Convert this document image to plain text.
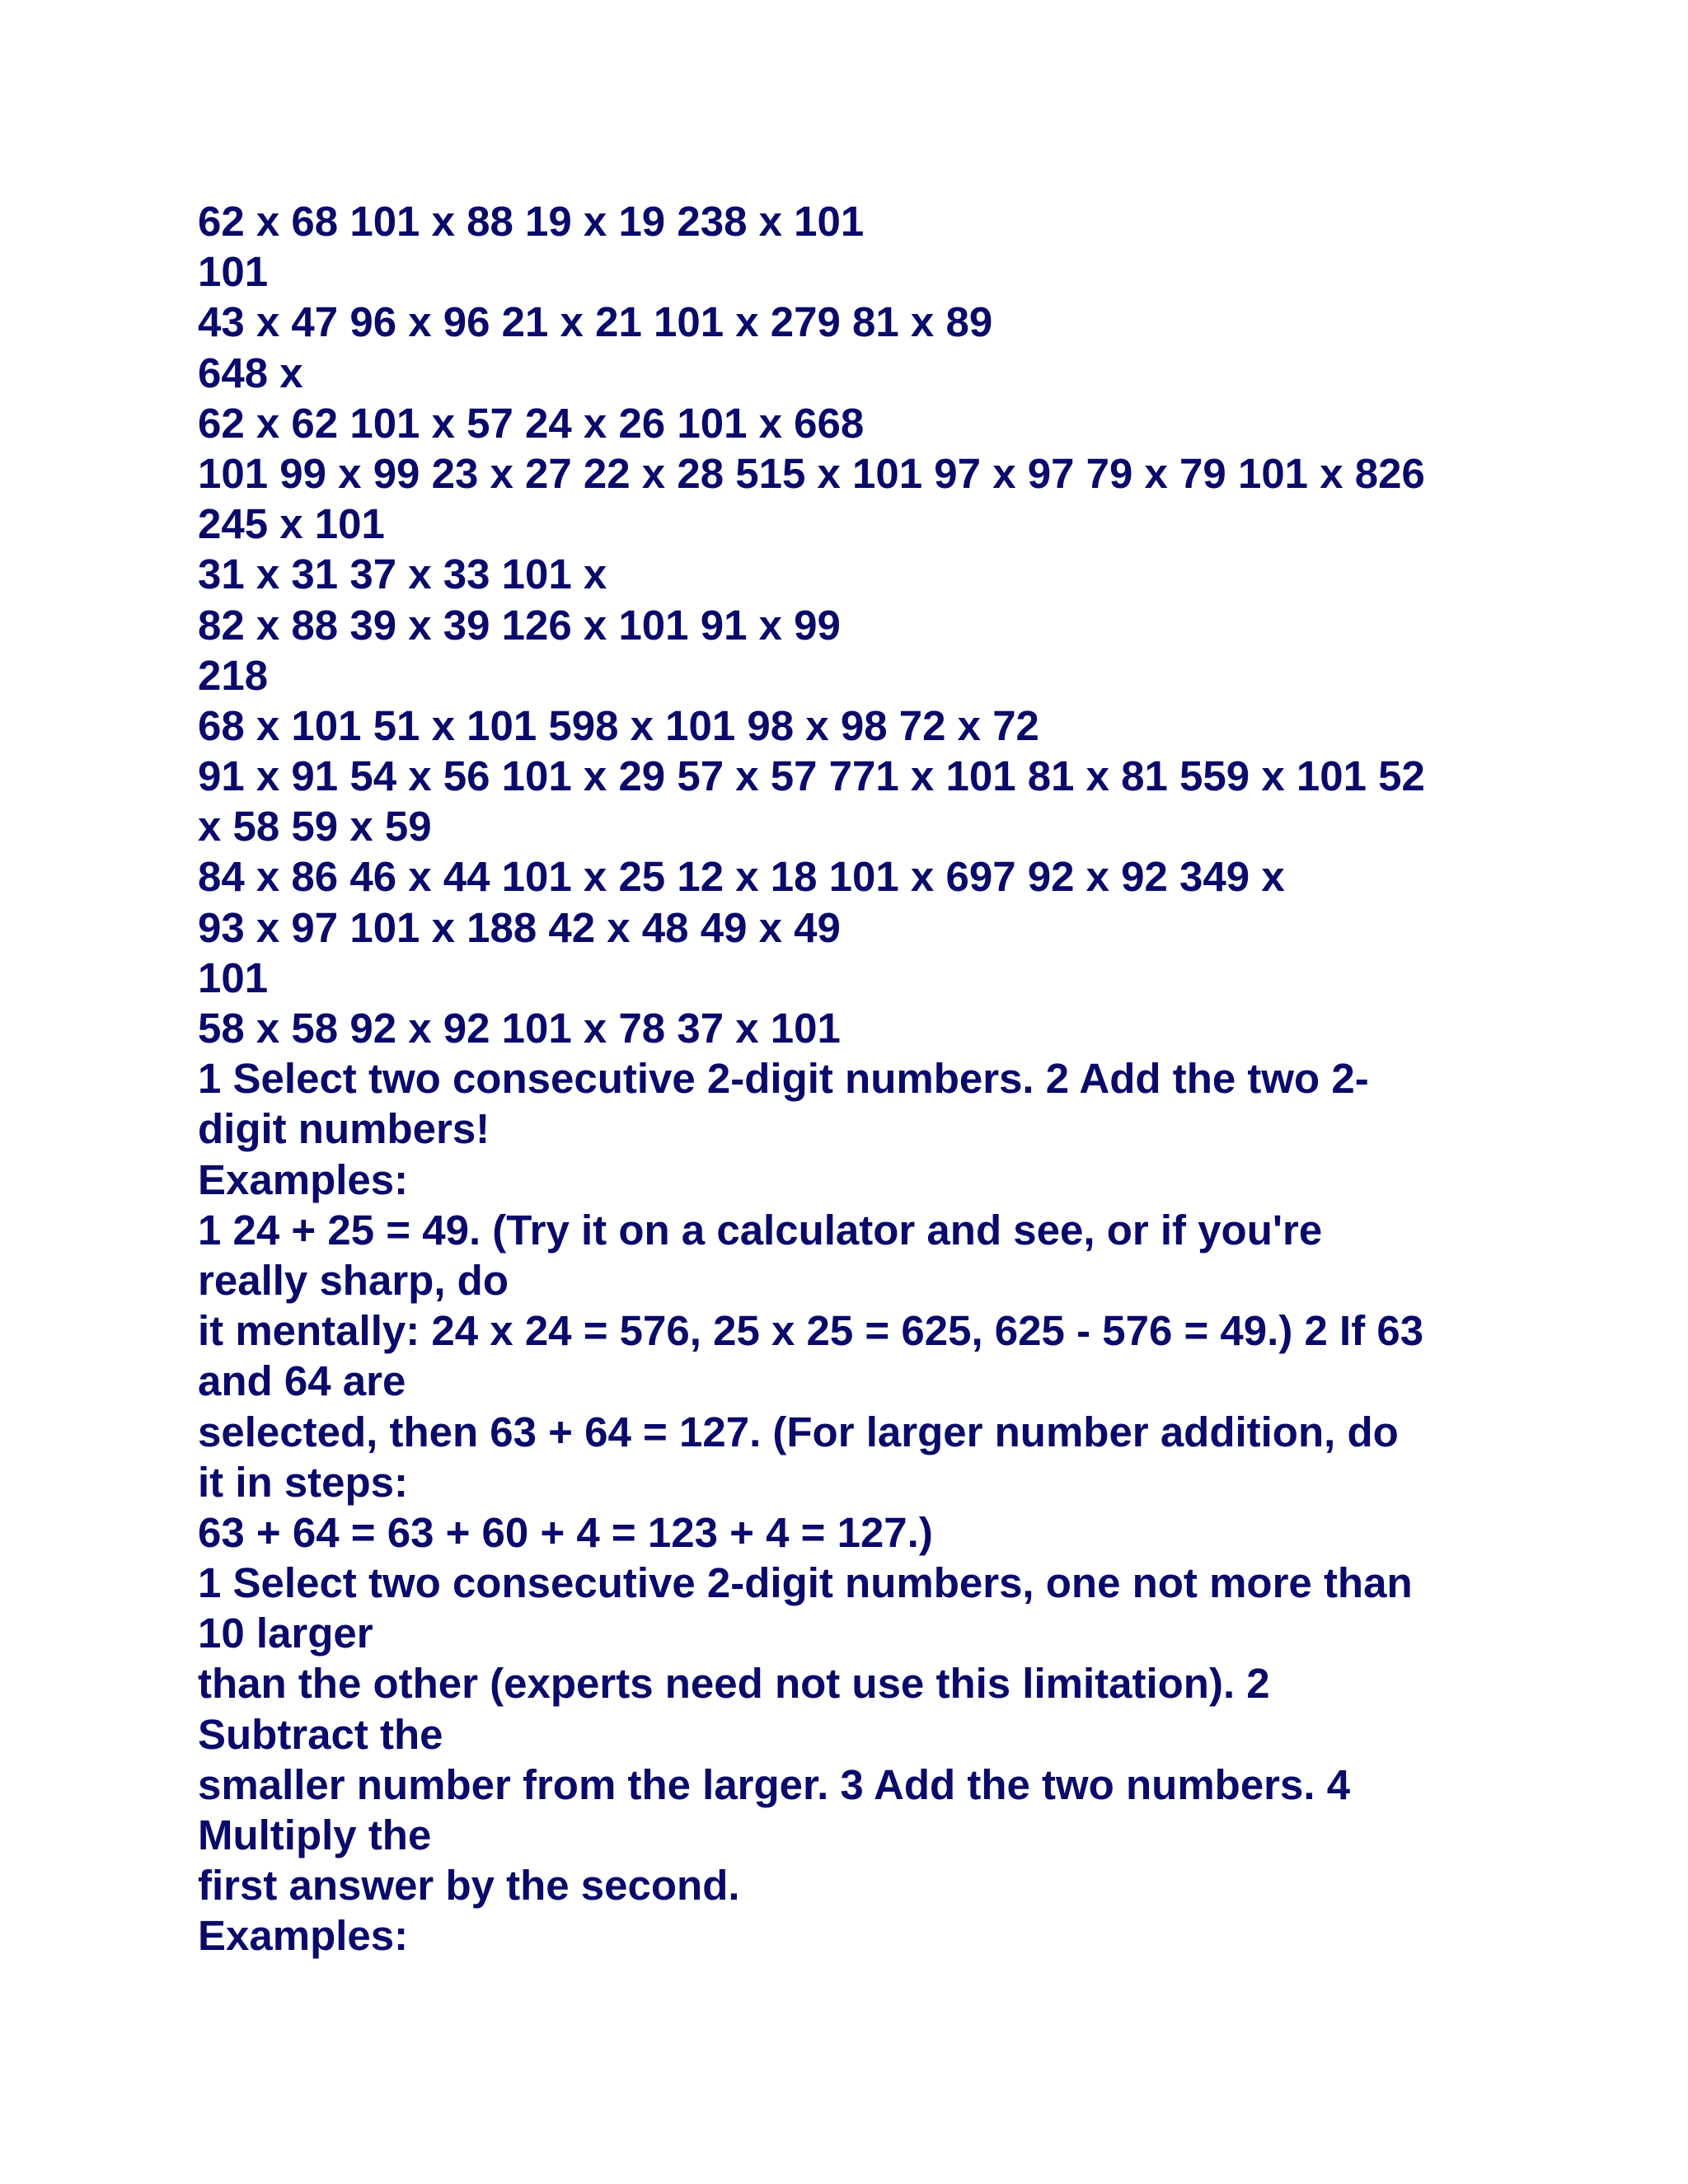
62 x 68 101 x 88 19 x 19 238 x 101
101
43 x 47 96 x 96 21 x 21 101 x 279 81 x 89
648 x
62 x 62 101 x 57 24 x 26 101 x 668
101 99 x 99 23 x 27 22 x 28 515 x 101 97 x 97 79 x 79 101 x 826
245 x 101
31 x 31 37 x 33 101 x
82 x 88 39 x 39 126 x 101 91 x 99
218
68 x 101 51 x 101 598 x 101 98 x 98 72 x 72
91 x 91 54 x 56 101 x 29 57 x 57 771 x 101 81 x 81 559 x 101 52
x 58 59 x 59
84 x 86 46 x 44 101 x 25 12 x 18 101 x 697 92 x 92 349 x
93 x 97 101 x 188 42 x 48 49 x 49
101
58 x 58 92 x 92 101 x 78 37 x 101
1 Select two consecutive 2-digit numbers. 2 Add the two 2-
digit numbers!
Examples:
1 24 + 25 = 49. (Try it on a calculator and see, or if you're
really sharp, do
it mentally: 24 x 24 = 576, 25 x 25 = 625, 625 - 576 = 49.) 2 If 63
and 64 are
selected, then 63 + 64 = 127. (For larger number addition, do
it in steps:
63 + 64 = 63 + 60 + 4 = 123 + 4 = 127.)
1 Select two consecutive 2-digit numbers, one not more than
10 larger
than the other (experts need not use this limitation). 2
Subtract the
smaller number from the larger. 3 Add the two numbers. 4
Multiply the
first answer by the second.
Examples:
